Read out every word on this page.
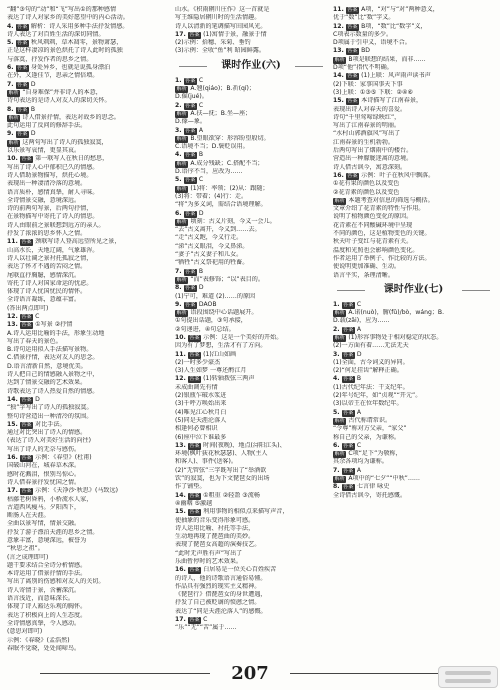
“翻”③句的“动”和“飞”写出①的那种感情
表达了诗人对家乡的美好愿望中的内心活动。
4. 答案 解析：诗人采用多种手法抒发情感。
诗人表达了对百姓生活的深切同情。
5. 答案 秋风飒飒，草木凋零，景物萧瑟，
正是这样凄凉的景色烘托了诗人此时的孤独
与落寞，抒发作者的思乡之情。
6. 答案 身处异乡，也就是说孤身漂泊
在外，又逢佳节，思亲之情倍增。
7. 答案 D
解析 “自身难保”并非诗人的本意，
诗句表达的是诗人对友人的深切关怀。
8. 答案 B
解析 诗人借景抒情，表达对故乡的思念。
此句运用了反问的修辞手法。
9. 答案 D
解析 这两句写出了诗人的孤独寂寞，
以乐景写哀情，更显其哀。
10. 答案 第一联写人在秋日的愁思，
写出了诗人心中郁积已久的情感。
诗人借助景物描写，烘托心境。
表现出一种凄清冷落的意境。
语言质朴，感情真挚，耐人寻味。
全诗情景交融，意境深远。
诗的前两句写景，后两句抒情，
在景物描写中寄托了诗人的情思。
诗人由眼前之景联想到远方的亲人。
抒发了浓浓的思乡怀人之情。
11. 答案 颈联写诗人登高远望所见之景，
山高水长，天地辽阔，气象雄浑。
诗人以壮阔之景衬托孤寂之情，
表达了怀才不遇的苦闷之情。
尾联直抒胸臆，感情深沉。
寄托了诗人对国家命运的忧虑。
体现了诗人忧国忧民的情怀。
全诗语言凝练，意蕴丰富。
(答出两点即可)
12. 答案 C
13. 答案 ①写景 ②抒情
A.诗人运用比喻的手法，形象生动地
写出了春天的景色。
B.诗句运用拟人手法描写景物。
C.借景抒情，表达对友人的思念。
D.语言清新自然，意境优美。
诗人把自己的情感融入景物之中，
达到了情景交融的艺术效果。
诗歌表达了诗人热爱自然的情感。
14. 答案 D
“独”字写出了诗人的孤独寂寞。
整句诗营造出一种清冷的氛围。
15. 答案 对比手法。
通过对比突出了诗人的情感。
(表达了诗人对美好生活的向往)
写出了诗人的无奈与感伤。
16. 答案 示例：《春望》(杜甫)
国破山河在，城春草木深。
感时花溅泪，恨别鸟惊心。
诗人借春景抒发忧国之情。
17. 答案 示例：《天净沙·秋思》(马致远)
枯藤老树昏鸦，小桥流水人家，
古道西风瘦马。夕阳西下，
断肠人在天涯。
全曲以景写情，情景交融。
抒发了游子漂泊天涯的思乡之情。
意象丰富，意境深远，被誉为
“秋思之祖”。
(言之成理即可)
题干要求结合全诗分析情感。
本诗运用了借景抒情的手法。
写出了离别的伤感和对友人的关切。
诗人寄情于景，含蓄深沉。
语言浅近，而意味深长。
体现了诗人豁达乐观的胸怀。
表达了积极向上的人生态度。
全诗情感真挚，令人感动。
(意思对即可)
示例：《春晓》(孟浩然)
春眠不觉晓，处处闻啼鸟。
山水。《积雨辋川庄作》这一首就是
写王维隐居辋川时的生活情趣。
诗人以清新的笔调描写田园风光。
17. 答案 (1)寓情于景，融景于情
(2)示例：拾穗、采菊、垂钓
(3)示例：全收“鱼”利 昭园鲜露。
课时作业(六)
1. 答案 C
解析 A.翘(qiáo)；B.祈(qí)；
D.倔(jué)。
2. 答案 C
解析 A.扶—抚；B.坐—座；
D.像—象。
3. 答案 A
解析 B.望眼欲穿：形容盼望殷切。
C.语境不当；D.褒贬误用。
4. 答案 B
解析 A.成分残缺；C.搭配不当；
D.语序不当，应改为……
5. 答案 C
解析 (1)将：率领；(2)从：跟随；
(3)将：带着；(4)行：走。
“将”为多义词，需结合语境理解。
6. 答案 D
解析 顷刻：古义片刻，今义一会儿。
“去”古义离开，今义到……去。
“走”古义跑，今义行走。
“涕”古义眼泪，今义鼻涕。
“妻子”古义妻子和儿女。
“牺牲”古义祭祀用的牲畜。
7. 答案 B
解析 “而”表修饰；“以”表目的。
8. 答案 D
(1)宁可，难道 (2)……的原因
9. 答案 DAOB
解析 语段围绕中心话题展开。
①句提出话题，③句承接，
②句递进，④句总结。
10. 答案 示例：这是一个美好的开始。
因为有了梦想，生活才有了方向。
11. 答案 (1)江山如画
(2)一时多少豪杰
(3)人生如梦 一尊还酹江月
12. 答案 (1)转轴拨弦三两声
未成曲调先有情
(2)银瓶乍破水浆迸
(3)千呼万唤始出来
(4)唯见江心秋月白
(5)同是天涯沦落人
相逢何必曾相识
(6)座中泣下谁最多
13. 答案 时间(夜晚)、地点(浔阳江头)、
环境(枫叶荻花秋瑟瑟)、人物(主人
和客人)、事件(送客)。
(2)“无管弦”三字既写出了“举酒欲
饮”的寂寞，也为下文琵琶女的出场
作了铺垫。
14. 答案 ①粗重 ②轻盈 ③流畅
④幽咽 ⑤激越
15. 答案 利用事物的相似点来描写声音，
使抽象的音乐变得形象可感。
诗人运用比喻、衬托等手法，
生动地再现了琵琶曲的美妙。
表现了琵琶女高超的演奏技艺。
“此时无声胜有声”写出了
乐曲暂停时的艺术效果。
16. 答案 白居易是一位关心百姓疾苦
的诗人，他的诗歌语言通俗易懂。
作品具有强烈的现实主义精神。
《琵琶行》借琵琶女的身世遭遇，
抒发了自己被贬谪的愤懑之情。
表达了“同是天涯沦落人”的感慨。
17. 答案 C
“乐”“无”“苦”属于……
11. 答案 A项，“对”与“对”两种意义，
优于“数”比“数”字义。
12. 答案 B项，“数”比“数字”义，
C项表示数量的多少。
D项属于引申义，语境不合。
13. 答案 BD
解析 B项是联想的结果，而非……
D项“他”指代不明确。
14. 答案 (1)上联：风声雨声读书声
(2)下联：家事国事天下事
(3)上联：①③⑤ 下联：②④⑥
15. 答案 本诗描写了江南春景，
表现出诗人对春天的喜爱。
诗句“千里莺啼绿映红”，
写出了江南春景的明丽。
“水村山郭酒旗风”写出了
江南春景的生机勃勃。
后两句写出了烟雨中的楼台。
营造出一种朦胧迷离的意境。
诗人借古讽今，寓意深刻。
16. 答案 示例：叶子在秋风中飘落。
①花有果的颜色以及变色
②花青素的颜色以及变色
解析 本题考查对信息的筛选与概括。
文章介绍了花青素的特性与作用。
说明了植物颜色变化的原因。
花青素在不同酸碱环境中呈现
不同的颜色，这是植物变色的关键。
秋天叶子变红与花青素有关。
温度和光照也会影响颜色变化。
作者运用了举例子、作比较的方法。
使说明更加准确、生动。
语言平实，条理清晰。
课时作业(七)
1. 答案 C
解析 A.诺(nuò)，腑(fǔ)/bò，wáng；B.
D.载(zǎi)，应为……
2. 答案 A
解析 (1)形容事物处于相对稳定的状态。
(2)一方面有着……无法无天
3. 答案 D
(1)全面，古今词义的异同。
(2)“何足挂齿”解释正确。
4. 答案 B
(1)古代纪年法：干支纪年。
(2)年号纪年，如“贞观”“开元”。
(3)以帝王在位年数纪年。
5. 答案 A
解析 古代称谓常识。
“令尊”称对方父亲，“家父”
称自己的父亲，为谦称。
6. 答案 C
解析 C项“足下”为敬称，
其余各项均为谦称。
7. 答案 A
解析 A项中的“七夕”“中秋”……
8. 答案 七言律 咏史
全诗借古讽今，寄托感慨。
207
